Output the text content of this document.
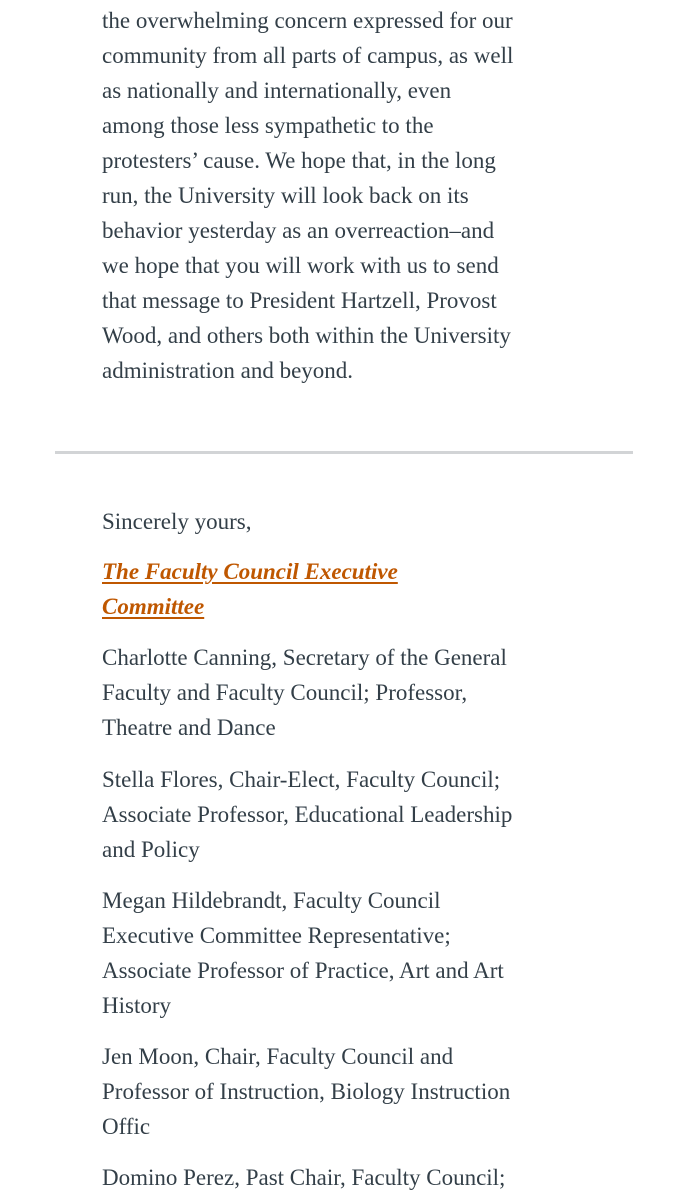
the overwhelming concern expressed for our
community from all parts of campus, as well
as nationally and internationally, even
among those less sympathetic to the
protesters’ cause. We hope that, in the long
run, the University will look back on its
behavior yesterday as an overreaction–and
we hope that you will work with us to send
that message to President Hartzell, Provost
Wood, and others both within the University
administration and beyond.

Sincerely yours,

The Faculty Council Executive
Committee

Charlotte Canning, Secretary of the General
Faculty and Faculty Council; Professor,
Theatre and Dance

Stella Flores, Chair-Elect, Faculty Council;
Associate Professor, Educational Leadership
and Policy

Megan Hildebrandt, Faculty Council
Executive Committee Representative;
Associate Professor of Practice, Art and Art
History

Jen Moon, Chair, Faculty Council and
Professor of Instruction, Biology Instruction
Offic

Domino Perez, Past Chair, Faculty Council;
